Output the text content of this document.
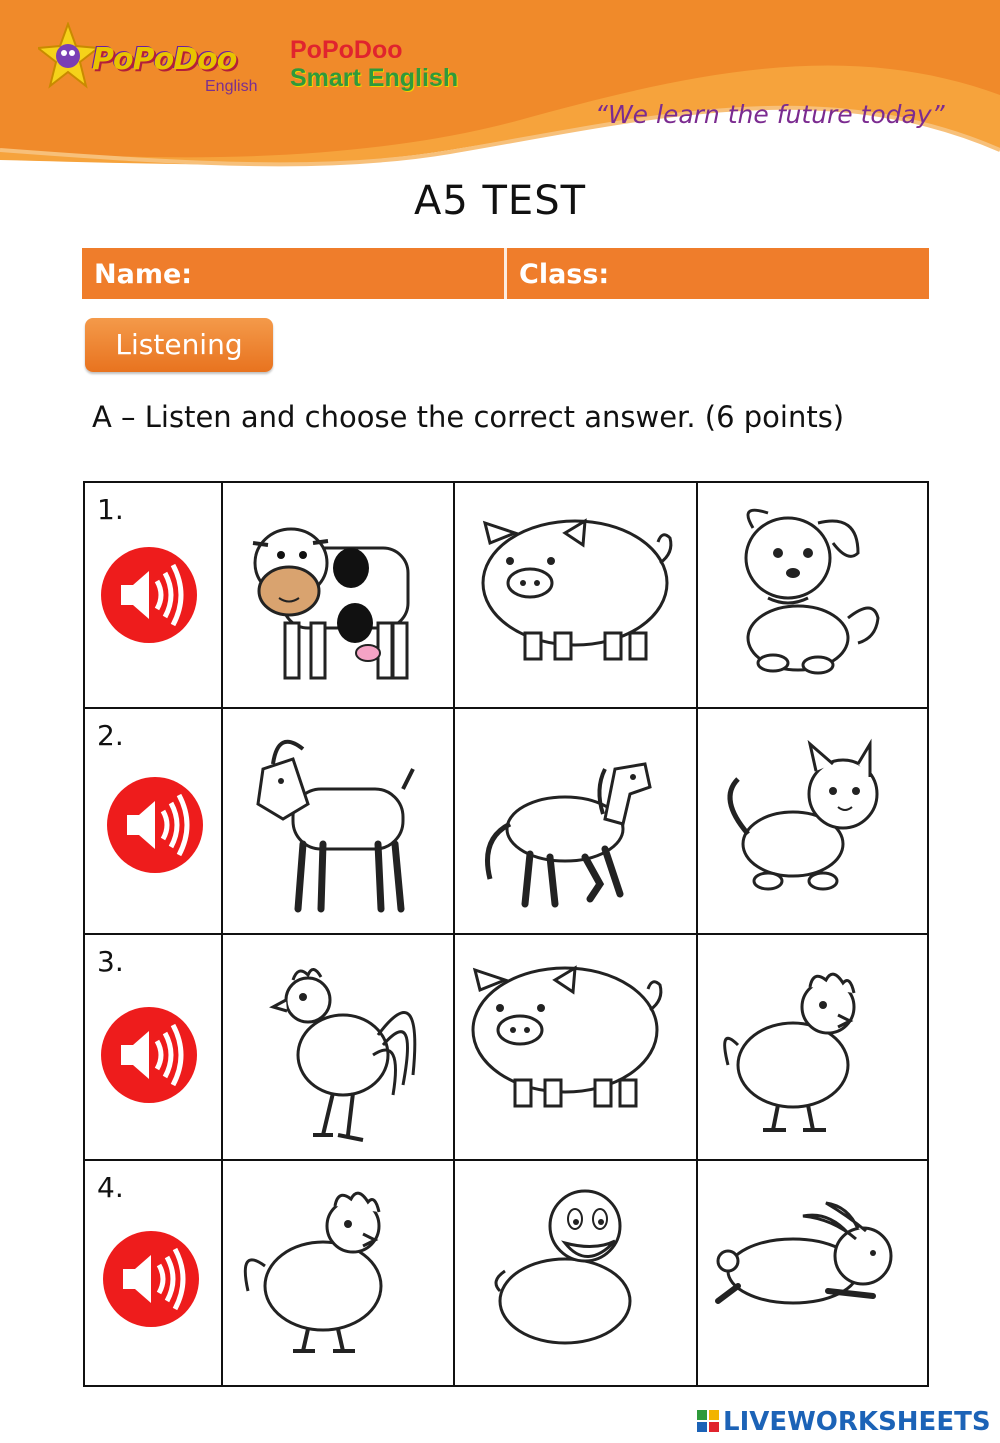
PoPoDoo
English
PoPoDoo
Smart English
“We learn the future today”
A5 TEST
Name:	Class:
Listening
A – Listen and choose the correct answer. (6 points)
1.

2.

3.

4.

LIVEWORKSHEETS
